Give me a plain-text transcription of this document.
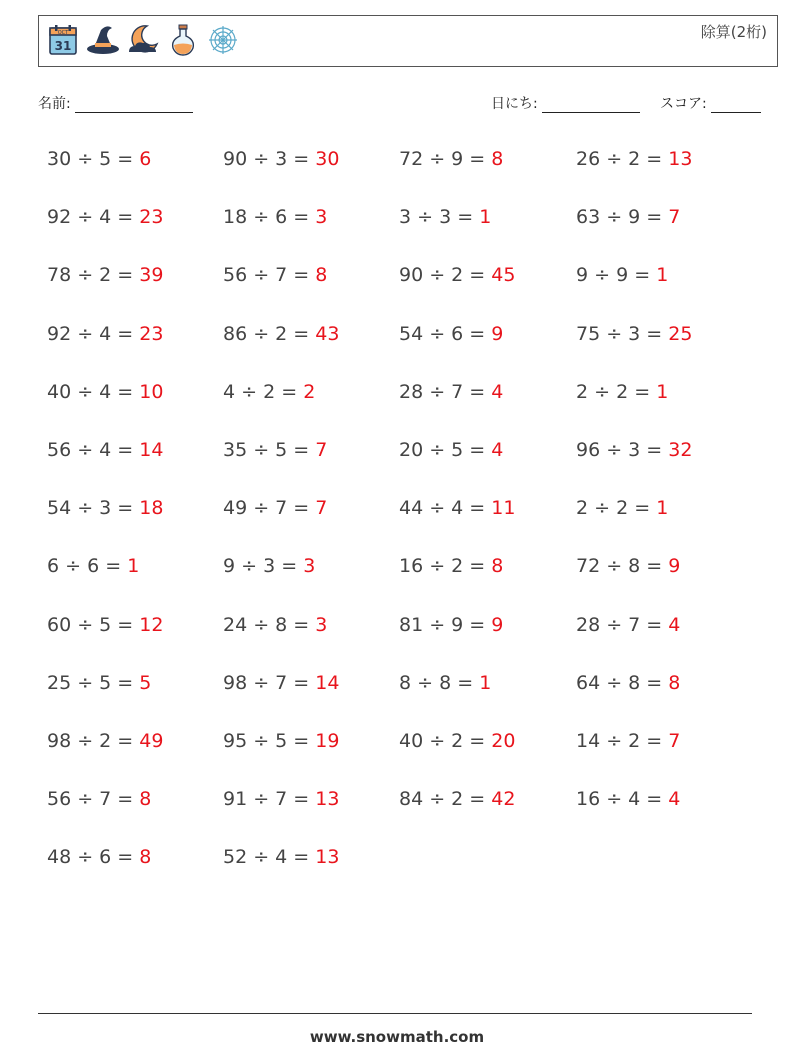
OCT
31
除算(2桁)
名前:	日にち:	スコア:
30 ÷ 5 = 6
92 ÷ 4 = 23
78 ÷ 2 = 39
92 ÷ 4 = 23
40 ÷ 4 = 10
56 ÷ 4 = 14
54 ÷ 3 = 18
6 ÷ 6 = 1
60 ÷ 5 = 12
25 ÷ 5 = 5
98 ÷ 2 = 49
56 ÷ 7 = 8
48 ÷ 6 = 8
90 ÷ 3 = 30
18 ÷ 6 = 3
56 ÷ 7 = 8
86 ÷ 2 = 43
4 ÷ 2 = 2
35 ÷ 5 = 7
49 ÷ 7 = 7
9 ÷ 3 = 3
24 ÷ 8 = 3
98 ÷ 7 = 14
95 ÷ 5 = 19
91 ÷ 7 = 13
52 ÷ 4 = 13
72 ÷ 9 = 8
3 ÷ 3 = 1
90 ÷ 2 = 45
54 ÷ 6 = 9
28 ÷ 7 = 4
20 ÷ 5 = 4
44 ÷ 4 = 11
16 ÷ 2 = 8
81 ÷ 9 = 9
8 ÷ 8 = 1
40 ÷ 2 = 20
84 ÷ 2 = 42
26 ÷ 2 = 13
63 ÷ 9 = 7
9 ÷ 9 = 1
75 ÷ 3 = 25
2 ÷ 2 = 1
96 ÷ 3 = 32
2 ÷ 2 = 1
72 ÷ 8 = 9
28 ÷ 7 = 4
64 ÷ 8 = 8
14 ÷ 2 = 7
16 ÷ 4 = 4
www.snowmath.com
